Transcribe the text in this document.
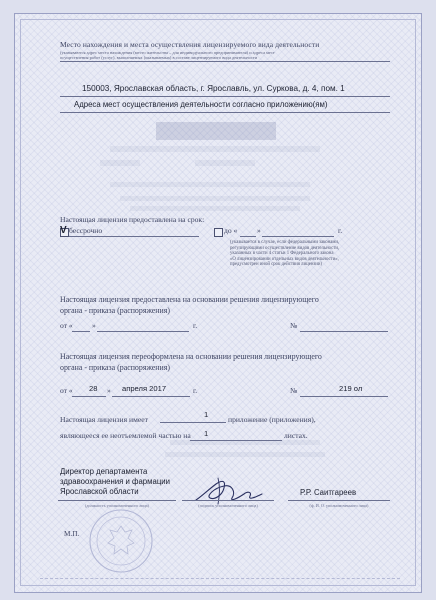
Место нахождения и места осуществления лицензируемого вида деятельности
(указываются адрес места нахождения (место жительства – для индивидуального предпринимателя) и адреса мест
осуществления работ (услуг), выполняемых (оказываемых) в составе лицензируемого вида деятельности
150003, Ярославская область, г. Ярославль, ул. Суркова, д. 4, пом. 1
Адреса мест осуществления деятельности согласно приложению(ям)
Настоящая лицензия предоставлена на срок:
V бессрочно	до «	»	г.
(указывается в случае, если федеральными законами,
регулирующими осуществление видов деятельности,
указанных в части 4 статьи 1 Федерального закона
«О лицензировании отдельных видов деятельности»,
предусмотрен иной срок действия лицензии)
Настоящая лицензия предоставлена на основании решения лицензирующего
органа - приказа (распоряжения)
от «	»	г.	№
Настоящая лицензия переоформлена на основании решения лицензирующего
органа - приказа (распоряжения)
от « 28 » апреля 2017	г.	№	219 ол
Настоящая лицензия имеет
1
приложение (приложения),
являющееся ее неотъемлемой частью на 1	листах.
Директор департамента
здравоохранения и фармации
Ярославской области
(должность уполномоченного лица)	(подпись уполномоченного лица)
Р.Р. Саитгареев
(ф. И. О. уполномоченного лица)
М.П.
